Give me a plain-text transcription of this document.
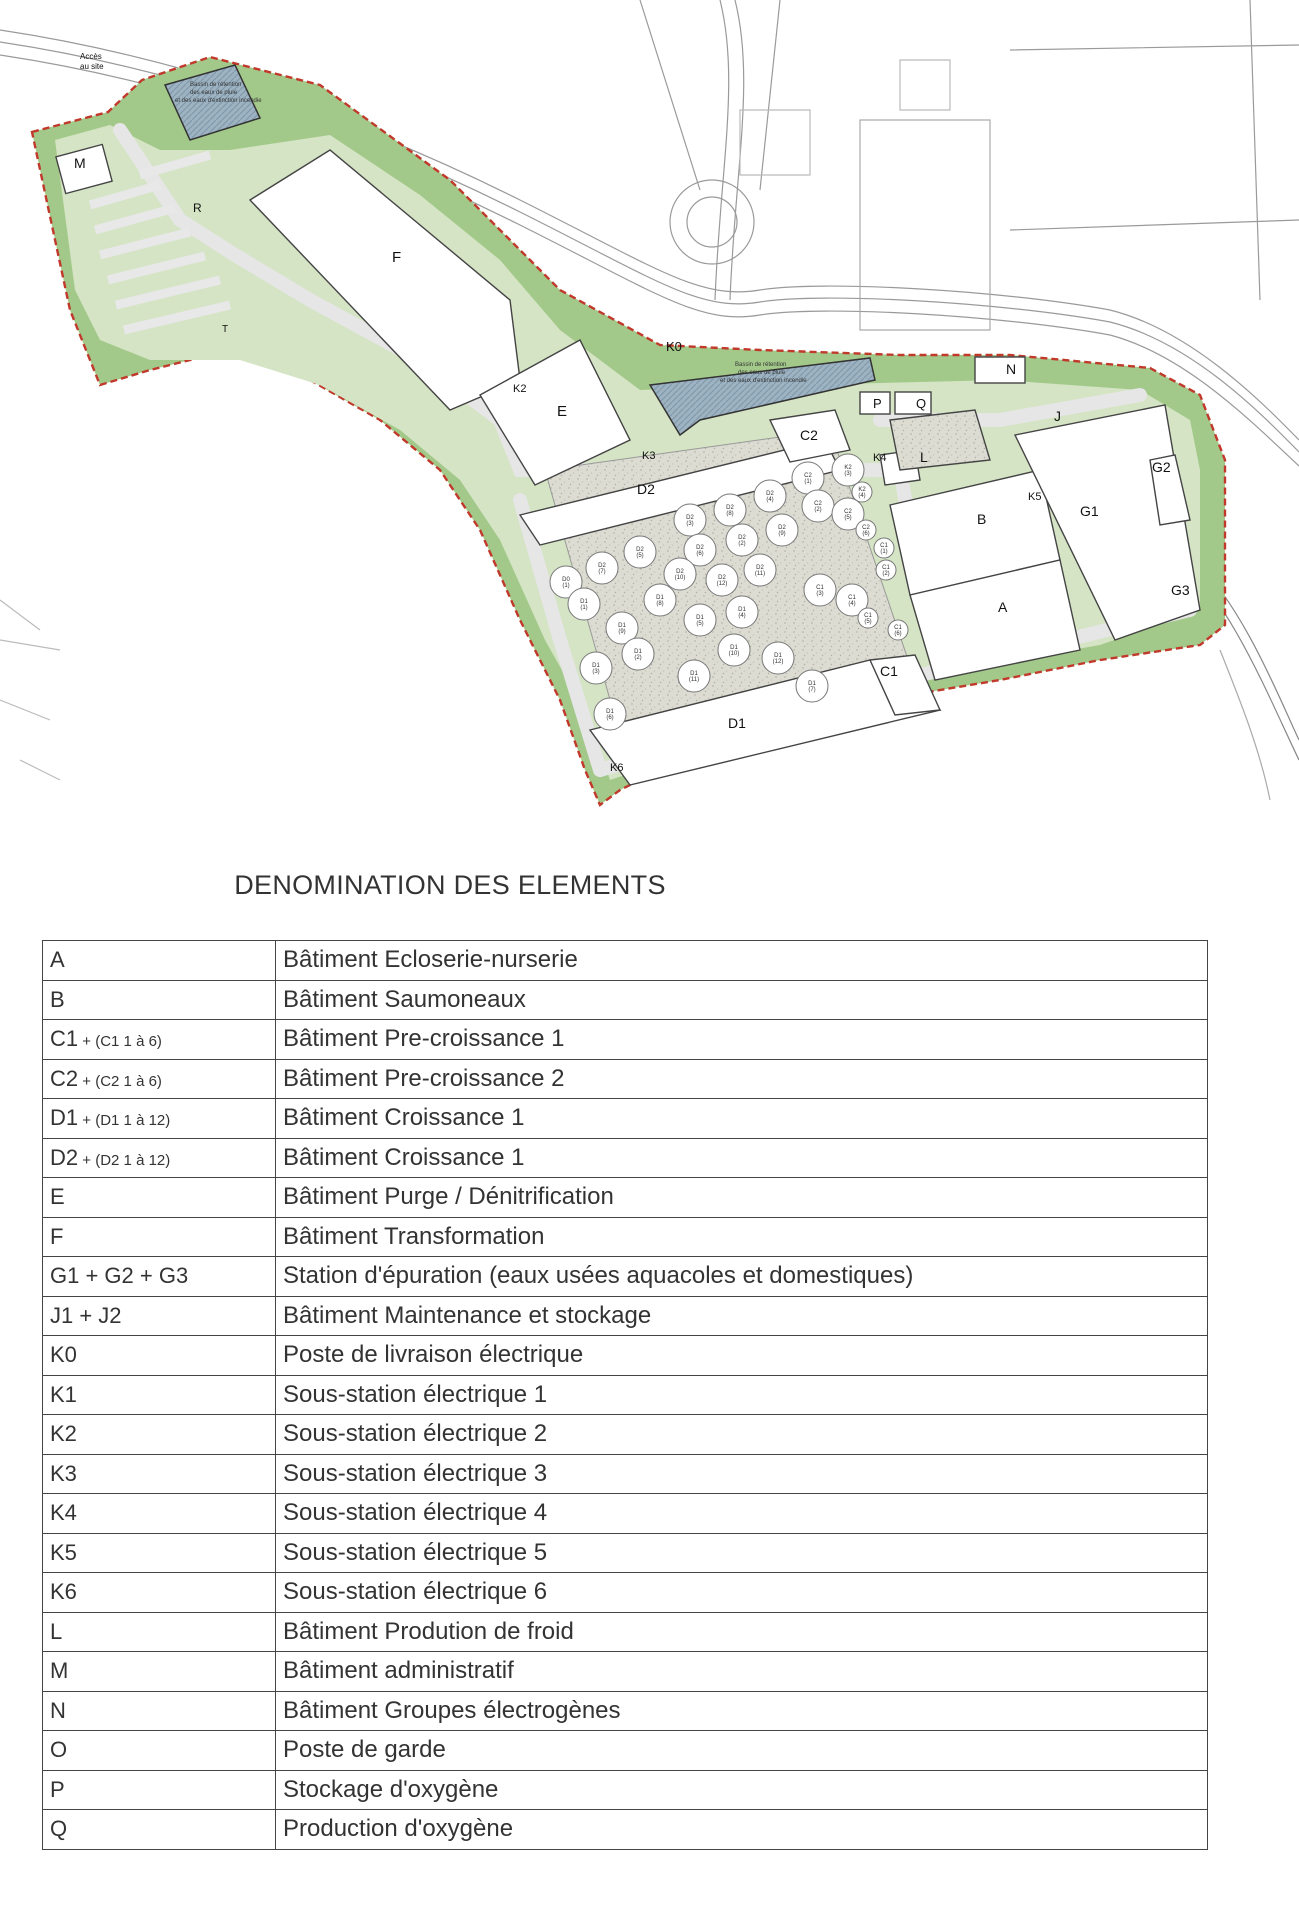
C2
(1)
K2
(3)
K2
(4)
C2
(2)	C2
(5)
C2
(6)
D2
(4)
D2
(8)
D2
(3)
D2
(9)
D2
(2)
D2
(6)
D2
(11)
D2
(12)
C1
(1)
C1
(2)
D0
(1)
D2
(7)
D2
(5)
D2
(10)
C1
(3)
C1
(4)
D1
(1)
D1
(9)
D1
(8)
D1
(5)
D1
(4)
D1
(10)
C1
(5)
C1
(6)
D1
(3)
D1
(2)
D1
(11)
D1
(12)
D1
(7)
D1
(6)
Accès
au site
Bassin de rétention
des eaux de pluie
et des eaux d'extinction incendie
Bassin de rétention
des eaux de pluie
et des eaux d'extinction incendie
M
R
T
F
E
K0
K2
K3	K4
K5
K6
N
P	Q
J
L
C2
D2
B
A
G1
G2
G3
C1
D1
DENOMINATION DES ELEMENTS
A	Bâtiment Ecloserie-nurserie
B	Bâtiment Saumoneaux
C1 + (C1 1 à 6)	Bâtiment Pre-croissance 1
C2 + (C2 1 à 6)	Bâtiment Pre-croissance 2
D1 + (D1 1 à 12)	Bâtiment Croissance 1
D2 + (D2 1 à 12)	Bâtiment Croissance 1
E	Bâtiment Purge / Dénitrification
F	Bâtiment Transformation
G1 + G2 + G3	Station d'épuration (eaux usées aquacoles et domestiques)
J1 + J2	Bâtiment Maintenance et stockage
K0	Poste de livraison électrique
K1	Sous-station électrique 1
K2	Sous-station électrique 2
K3	Sous-station électrique 3
K4	Sous-station électrique 4
K5	Sous-station électrique 5
K6	Sous-station électrique 6
L	Bâtiment Prodution de froid
M	Bâtiment administratif
N	Bâtiment Groupes électrogènes
O	Poste de garde
P	Stockage d'oxygène
Q	Production d'oxygène
